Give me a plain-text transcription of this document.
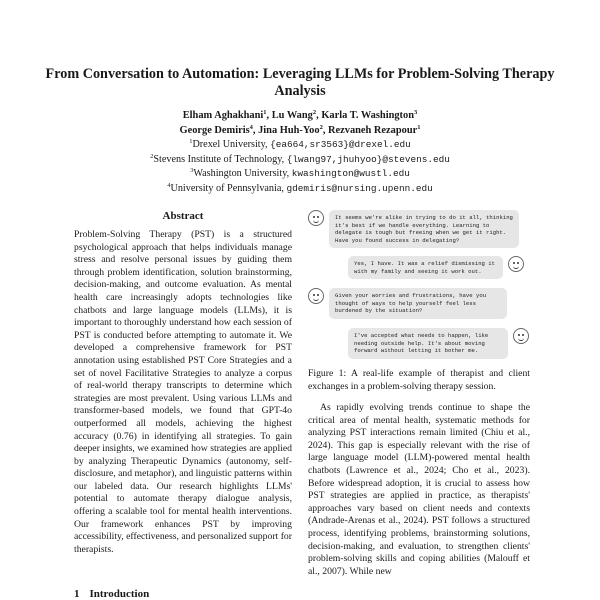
From Conversation to Automation: Leveraging LLMs for Problem-Solving Therapy Analysis
Elham Aghakhani$^1$, Lu Wang$^2$, Karla T. Washington$^3$
George Demiris$^4$, Jina Huh-Yoo$^2$, Rezvaneh Rezapour$^1$
$^1$Drexel University, {ea664,sr3563}@drexel.edu
$^2$Stevens Institute of Technology, {lwang97,jhuhyoo}@stevens.edu
$^3$Washington University, kwashington@wustl.edu
$^4$University of Pennsylvania, gdemiris@nursing.upenn.edu
Abstract

Problem-Solving Therapy (PST) is a structured psychological approach that helps individuals manage stress and resolve personal issues by guiding them through problem identification, solution brainstorming, decision-making, and outcome evaluation. As mental health care increasingly adopts technologies like chatbots and large language models (LLMs), it is important to thoroughly understand how each session of PST is conducted before attempting to automate it. We developed a comprehensive framework for PST annotation using established PST Core Strategies and a set of novel Facilitative Strategies to analyze a corpus of real-world therapy transcripts to determine which strategies are most prevalent. Using various LLMs and transformer-based models, we found that GPT-4o outperformed all models, achieving the highest accuracy (0.76) in identifying all strategies. To gain deeper insights, we examined how strategies are applied by analyzing Therapeutic Dynamics (autonomy, self-disclosure, and metaphor), and linguistic patterns within our labeled data. Our research highlights LLMs' potential to automate therapy dialogue analysis, offering a scalable tool for mental health interventions. Our framework enhances PST by improving accessibility, effectiveness, and personalized support for therapists.

1 Introduction
It seems we're alike in trying to do it all, thinking it's best if we handle everything. Learning to delegate is tough but freeing when we get it right. Have you found success in delegating?
Yes, I have. It was a relief dismissing it with my family and seeing it work out.
Given your worries and frustrations, have you thought of ways to help yourself feel less burdened by the situation?
I've accepted what needs to happen, like needing outside help. It's about moving forward without letting it bother me.
Figure 1: A real-life example of therapist and client exchanges in a problem-solving therapy session.

As rapidly evolving trends continue to shape the critical area of mental health, systematic methods for analyzing PST interactions remain limited (Chiu et al., 2024). This gap is especially relevant with the rise of large language model (LLM)-powered mental health chatbots (Lawrence et al., 2024; Cho et al., 2023). Before widespread adoption, it is crucial to assess how PST strategies are applied in practice, as therapists' approaches vary based on client needs and contexts (Andrade-Arenas et al., 2024). PST follows a structured process, identifying problems, brainstorming solutions, decision-making, and evaluation, to strengthen clients' problem-solving skills and coping abilities (Malouff et al., 2007). While new
